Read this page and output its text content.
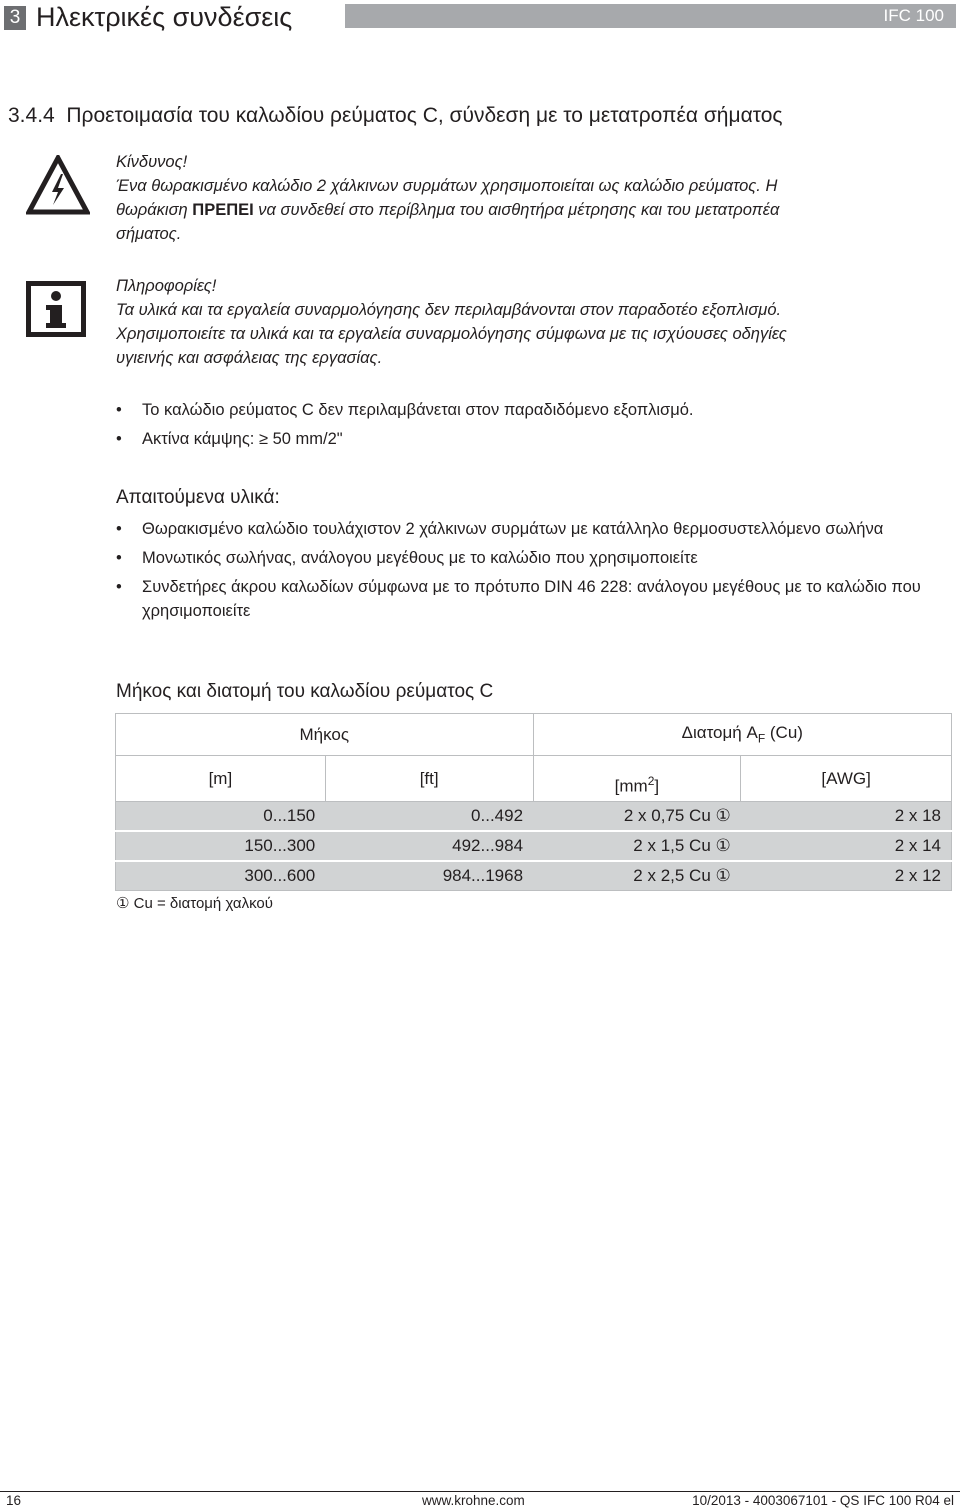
3 Ηλεκτρικές συνδέσεις	IFC 100
3.4.4  Προετοιμασία του καλωδίου ρεύματος C, σύνδεση με το μετατροπέα σήματος
Κίνδυνος!
Ένα θωρακισμένο καλώδιο 2 χάλκινων συρμάτων χρησιμοποιείται ως καλώδιο ρεύματος. Η
θωράκιση ΠΡΕΠΕΙ να συνδεθεί στο περίβλημα του αισθητήρα μέτρησης και του μετατροπέα
σήματος.
Πληροφορίες!
Τα υλικά και τα εργαλεία συναρμολόγησης δεν περιλαμβάνονται στον παραδοτέο εξοπλισμό.
Χρησιμοποιείτε τα υλικά και τα εργαλεία συναρμολόγησης σύμφωνα με τις ισχύουσες οδηγίες
υγιεινής και ασφάλειας της εργασίας.
• Το καλώδιο ρεύματος C δεν περιλαμβάνεται στον παραδιδόμενο εξοπλισμό.
• Ακτίνα κάμψης: ≥ 50 mm/2"
Απαιτούμενα υλικά:
• Θωρακισμένο καλώδιο τουλάχιστον 2 χάλκινων συρμάτων με κατάλληλο θερμοσυστελλόμενο σωλήνα
• Μονωτικός σωλήνας, ανάλογου μεγέθους με το καλώδιο που χρησιμοποιείτε
• Συνδετήρες άκρου καλωδίων σύμφωνα με το πρότυπο DIN 46 228: ανάλογου μεγέθους με το καλώδιο που χρησιμοποιείτε
Μήκος και διατομή του καλωδίου ρεύματος C
Μήκος		Διατομή $A_F$ (Cu)	
[m]	[ft]	$[mm^2]$	[AWG]
0...150	0...492	2 x 0,75 Cu ①	2 x 18
150...300	492...984	2 x 1,5 Cu ①	2 x 14
300...600	984...1968	2 x 2,5 Cu ①	2 x 12
① Cu = διατομή χαλκού
16	www.krohne.com	10/2013 - 4003067101 - QS IFC 100 R04 el
